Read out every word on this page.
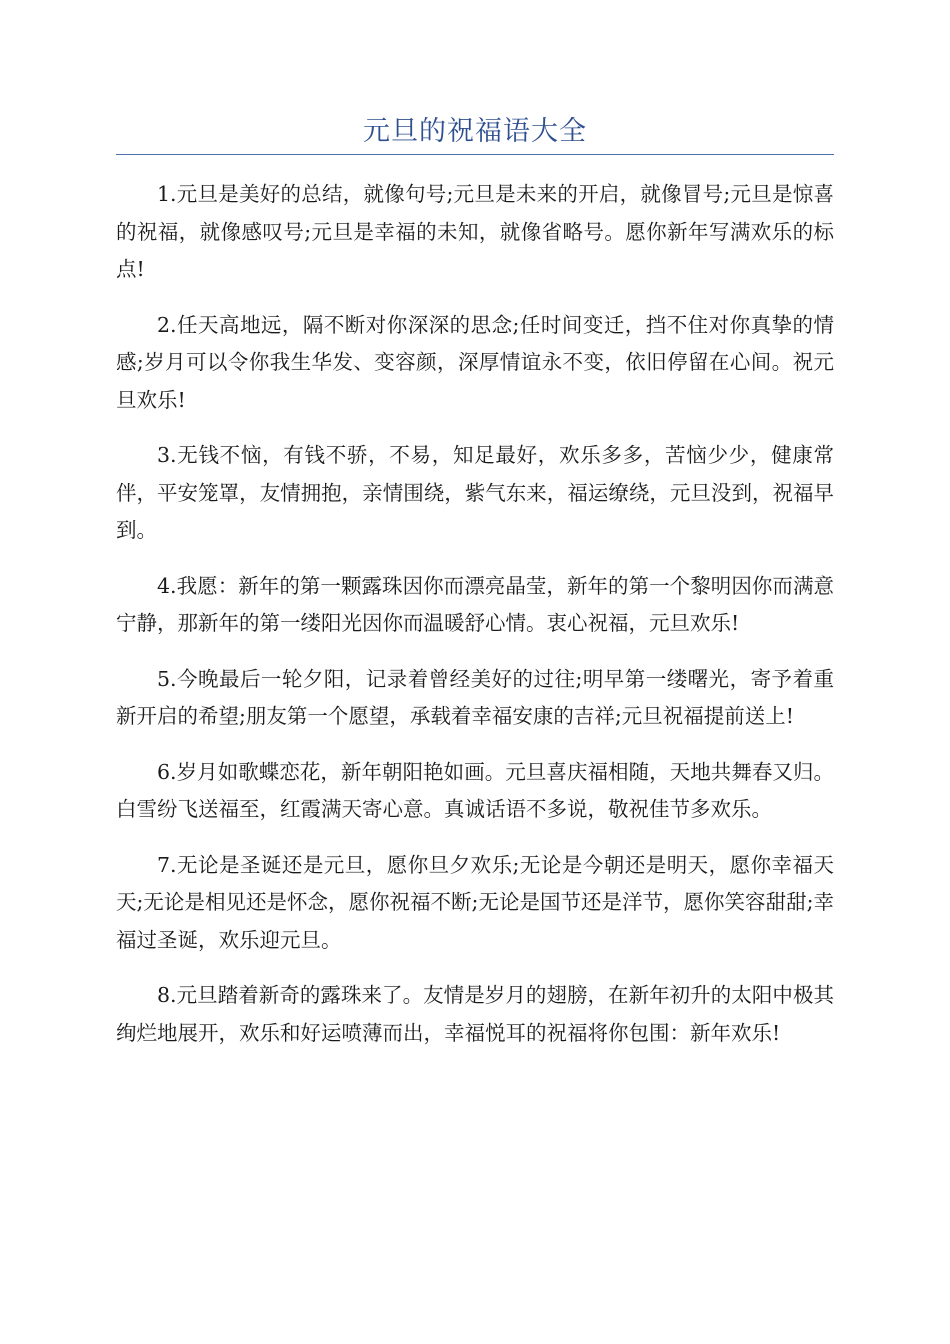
元旦的祝福语大全

1.元旦是美好的总结，就像句号;元旦是未来的开启，就像冒号;元旦是惊喜的祝福，就像感叹号;元旦是幸福的未知，就像省略号。愿你新年写满欢乐的标点!

2.任天高地远，隔不断对你深深的思念;任时间变迁，挡不住对你真挚的情感;岁月可以令你我生华发、变容颜，深厚情谊永不变，依旧停留在心间。祝元旦欢乐!

3.无钱不恼，有钱不骄，不易，知足最好，欢乐多多，苦恼少少，健康常伴，平安笼罩，友情拥抱，亲情围绕，紫气东来，福运缭绕，元旦没到，祝福早到。

4.我愿：新年的第一颗露珠因你而漂亮晶莹，新年的第一个黎明因你而满意宁静，那新年的第一缕阳光因你而温暖舒心情。衷心祝福，元旦欢乐!

5.今晚最后一轮夕阳，记录着曾经美好的过往;明早第一缕曙光，寄予着重新开启的希望;朋友第一个愿望，承载着幸福安康的吉祥;元旦祝福提前送上!

6.岁月如歌蝶恋花，新年朝阳艳如画。元旦喜庆福相随，天地共舞春又归。白雪纷飞送福至，红霞满天寄心意。真诚话语不多说，敬祝佳节多欢乐。

7.无论是圣诞还是元旦，愿你旦夕欢乐;无论是今朝还是明天，愿你幸福天天;无论是相见还是怀念，愿你祝福不断;无论是国节还是洋节，愿你笑容甜甜;幸福过圣诞，欢乐迎元旦。

8.元旦踏着新奇的露珠来了。友情是岁月的翅膀，在新年初升的太阳中极其绚烂地展开，欢乐和好运喷薄而出，幸福悦耳的祝福将你包围：新年欢乐!
